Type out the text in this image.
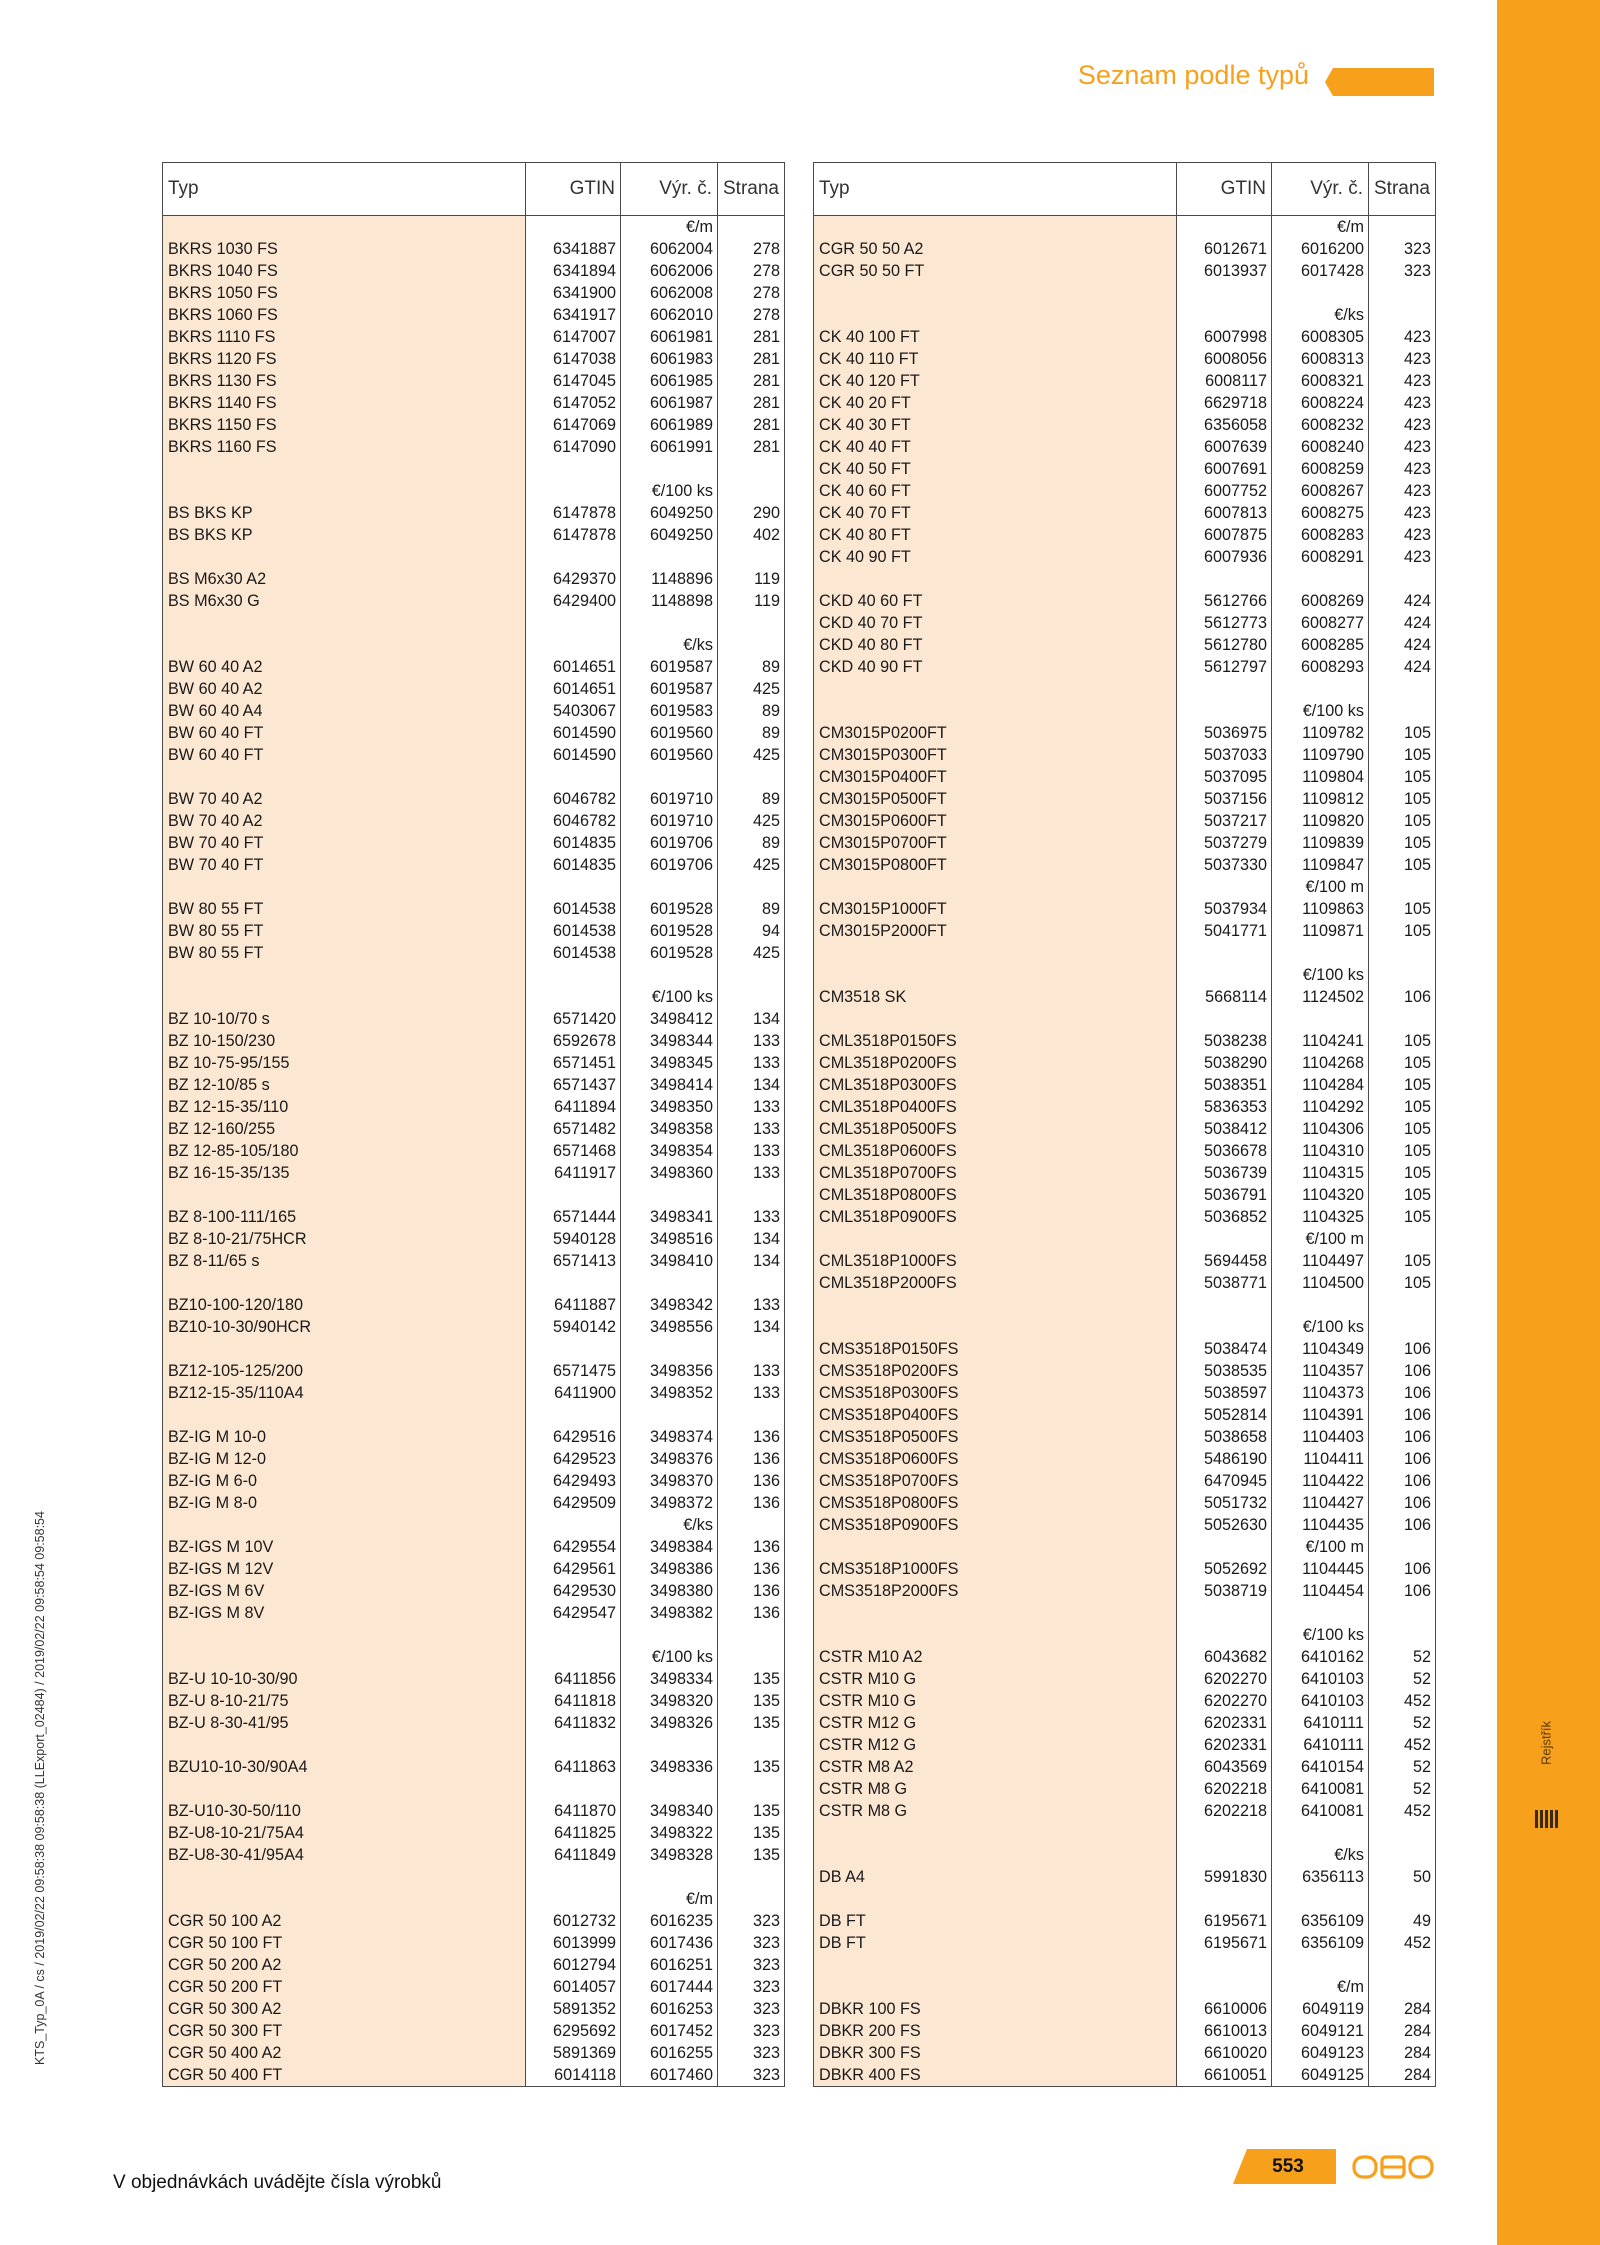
Rejstřík
Seznam podle typů
KTS_Typ_0A / cs / 2019/02/22 09:58:38 09:58:38 (LLExport_02484) / 2019/02/22 09:58:54 09:58:54
Typ	GTIN	Výr. č.	Strana
		€/m	
BKRS 1030 FS	6341887	6062004	278
BKRS 1040 FS	6341894	6062006	278
BKRS 1050 FS	6341900	6062008	278
BKRS 1060 FS	6341917	6062010	278
BKRS 1110 FS	6147007	6061981	281
BKRS 1120 FS	6147038	6061983	281
BKRS 1130 FS	6147045	6061985	281
BKRS 1140 FS	6147052	6061987	281
BKRS 1150 FS	6147069	6061989	281
BKRS 1160 FS	6147090	6061991	281

		€/100 ks	
BS BKS KP	6147878	6049250	290
BS BKS KP	6147878	6049250	402

BS M6x30 A2	6429370	1148896	119
BS M6x30 G	6429400	1148898	119

		€/ks	
BW 60 40 A2	6014651	6019587	89
BW 60 40 A2	6014651	6019587	425
BW 60 40 A4	5403067	6019583	89
BW 60 40 FT	6014590	6019560	89
BW 60 40 FT	6014590	6019560	425

BW 70 40 A2	6046782	6019710	89
BW 70 40 A2	6046782	6019710	425
BW 70 40 FT	6014835	6019706	89
BW 70 40 FT	6014835	6019706	425

BW 80 55 FT	6014538	6019528	89
BW 80 55 FT	6014538	6019528	94
BW 80 55 FT	6014538	6019528	425

		€/100 ks	
BZ 10-10/70 s	6571420	3498412	134
BZ 10-150/230	6592678	3498344	133
BZ 10-75-95/155	6571451	3498345	133
BZ 12-10/85 s	6571437	3498414	134
BZ 12-15-35/110	6411894	3498350	133
BZ 12-160/255	6571482	3498358	133
BZ 12-85-105/180	6571468	3498354	133
BZ 16-15-35/135	6411917	3498360	133

BZ 8-100-111/165	6571444	3498341	133
BZ 8-10-21/75HCR	5940128	3498516	134
BZ 8-11/65 s	6571413	3498410	134

BZ10-100-120/180	6411887	3498342	133
BZ10-10-30/90HCR	5940142	3498556	134

BZ12-105-125/200	6571475	3498356	133
BZ12-15-35/110A4	6411900	3498352	133

BZ-IG M 10-0	6429516	3498374	136
BZ-IG M 12-0	6429523	3498376	136
BZ-IG M 6-0	6429493	3498370	136
BZ-IG M 8-0	6429509	3498372	136
		€/ks	
BZ-IGS M 10V	6429554	3498384	136
BZ-IGS M 12V	6429561	3498386	136
BZ-IGS M 6V	6429530	3498380	136
BZ-IGS M 8V	6429547	3498382	136

		€/100 ks	
BZ-U 10-10-30/90	6411856	3498334	135
BZ-U 8-10-21/75	6411818	3498320	135
BZ-U 8-30-41/95	6411832	3498326	135

BZU10-10-30/90A4	6411863	3498336	135

BZ-U10-30-50/110	6411870	3498340	135
BZ-U8-10-21/75A4	6411825	3498322	135
BZ-U8-30-41/95A4	6411849	3498328	135

		€/m	
CGR 50 100 A2	6012732	6016235	323
CGR 50 100 FT	6013999	6017436	323
CGR 50 200 A2	6012794	6016251	323
CGR 50 200 FT	6014057	6017444	323
CGR 50 300 A2	5891352	6016253	323
CGR 50 300 FT	6295692	6017452	323
CGR 50 400 A2	5891369	6016255	323
CGR 50 400 FT	6014118	6017460	323
Typ	GTIN	Výr. č.	Strana
		€/m	
CGR 50 50 A2	6012671	6016200	323
CGR 50 50 FT	6013937	6017428	323

		€/ks	
CK 40 100 FT	6007998	6008305	423
CK 40 110 FT	6008056	6008313	423
CK 40 120 FT	6008117	6008321	423
CK 40 20 FT	6629718	6008224	423
CK 40 30 FT	6356058	6008232	423
CK 40 40 FT	6007639	6008240	423
CK 40 50 FT	6007691	6008259	423
CK 40 60 FT	6007752	6008267	423
CK 40 70 FT	6007813	6008275	423
CK 40 80 FT	6007875	6008283	423
CK 40 90 FT	6007936	6008291	423

CKD 40 60 FT	5612766	6008269	424
CKD 40 70 FT	5612773	6008277	424
CKD 40 80 FT	5612780	6008285	424
CKD 40 90 FT	5612797	6008293	424

		€/100 ks	
CM3015P0200FT	5036975	1109782	105
CM3015P0300FT	5037033	1109790	105
CM3015P0400FT	5037095	1109804	105
CM3015P0500FT	5037156	1109812	105
CM3015P0600FT	5037217	1109820	105
CM3015P0700FT	5037279	1109839	105
CM3015P0800FT	5037330	1109847	105
		€/100 m	
CM3015P1000FT	5037934	1109863	105
CM3015P2000FT	5041771	1109871	105

		€/100 ks	
CM3518 SK	5668114	1124502	106

CML3518P0150FS	5038238	1104241	105
CML3518P0200FS	5038290	1104268	105
CML3518P0300FS	5038351	1104284	105
CML3518P0400FS	5836353	1104292	105
CML3518P0500FS	5038412	1104306	105
CML3518P0600FS	5036678	1104310	105
CML3518P0700FS	5036739	1104315	105
CML3518P0800FS	5036791	1104320	105
CML3518P0900FS	5036852	1104325	105
		€/100 m	
CML3518P1000FS	5694458	1104497	105
CML3518P2000FS	5038771	1104500	105

		€/100 ks	
CMS3518P0150FS	5038474	1104349	106
CMS3518P0200FS	5038535	1104357	106
CMS3518P0300FS	5038597	1104373	106
CMS3518P0400FS	5052814	1104391	106
CMS3518P0500FS	5038658	1104403	106
CMS3518P0600FS	5486190	1104411	106
CMS3518P0700FS	6470945	1104422	106
CMS3518P0800FS	5051732	1104427	106
CMS3518P0900FS	5052630	1104435	106
		€/100 m	
CMS3518P1000FS	5052692	1104445	106
CMS3518P2000FS	5038719	1104454	106

		€/100 ks	
CSTR M10 A2	6043682	6410162	52
CSTR M10 G	6202270	6410103	52
CSTR M10 G	6202270	6410103	452
CSTR M12 G	6202331	6410111	52
CSTR M12 G	6202331	6410111	452
CSTR M8 A2	6043569	6410154	52
CSTR M8 G	6202218	6410081	52
CSTR M8 G	6202218	6410081	452

		€/ks	
DB A4	5991830	6356113	50

DB FT	6195671	6356109	49
DB FT	6195671	6356109	452

		€/m	
DBKR 100 FS	6610006	6049119	284
DBKR 200 FS	6610013	6049121	284
DBKR 300 FS	6610020	6049123	284
DBKR 400 FS	6610051	6049125	284
V objednávkách uvádějte čísla výrobků
553
